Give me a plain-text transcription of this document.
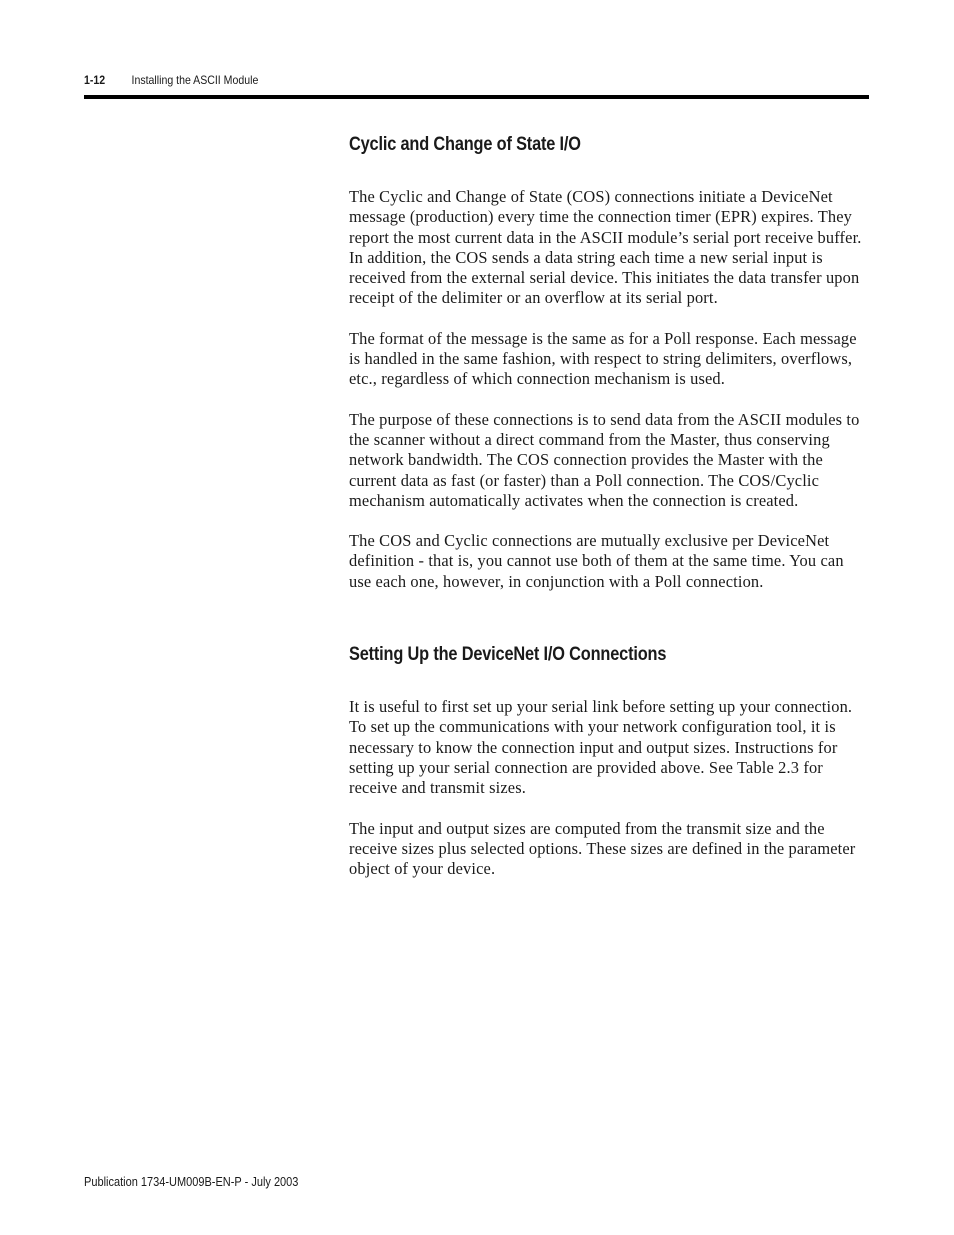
1-12 Installing the ASCII Module
Cyclic and Change of State I/O

The Cyclic and Change of State (COS) connections initiate a DeviceNet message (production) every time the connection timer (EPR) expires. They report the most current data in the ASCII module’s serial port receive buffer. In addition, the COS sends a data string each time a new serial input is received from the external serial device. This initiates the data transfer upon receipt of the delimiter or an overflow at its serial port.

The format of the message is the same as for a Poll response. Each message is handled in the same fashion, with respect to string delimiters, overflows, etc., regardless of which connection mechanism is used.

The purpose of these connections is to send data from the ASCII modules to the scanner without a direct command from the Master, thus conserving network bandwidth. The COS connection provides the Master with the current data as fast (or faster) than a Poll connection. The COS/Cyclic mechanism automatically activates when the connection is created.

The COS and Cyclic connections are mutually exclusive per DeviceNet definition - that is, you cannot use both of them at the same time. You can use each one, however, in conjunction with a Poll connection.

Setting Up the DeviceNet I/O Connections

It is useful to first set up your serial link before setting up your connection. To set up the communications with your network configuration tool, it is necessary to know the connection input and output sizes. Instructions for setting up your serial connection are provided above. See Table 2.3 for receive and transmit sizes.

The input and output sizes are computed from the transmit size and the receive sizes plus selected options. These sizes are defined in the parameter object of your device.

Publication 1734-UM009B-EN-P - July 2003
